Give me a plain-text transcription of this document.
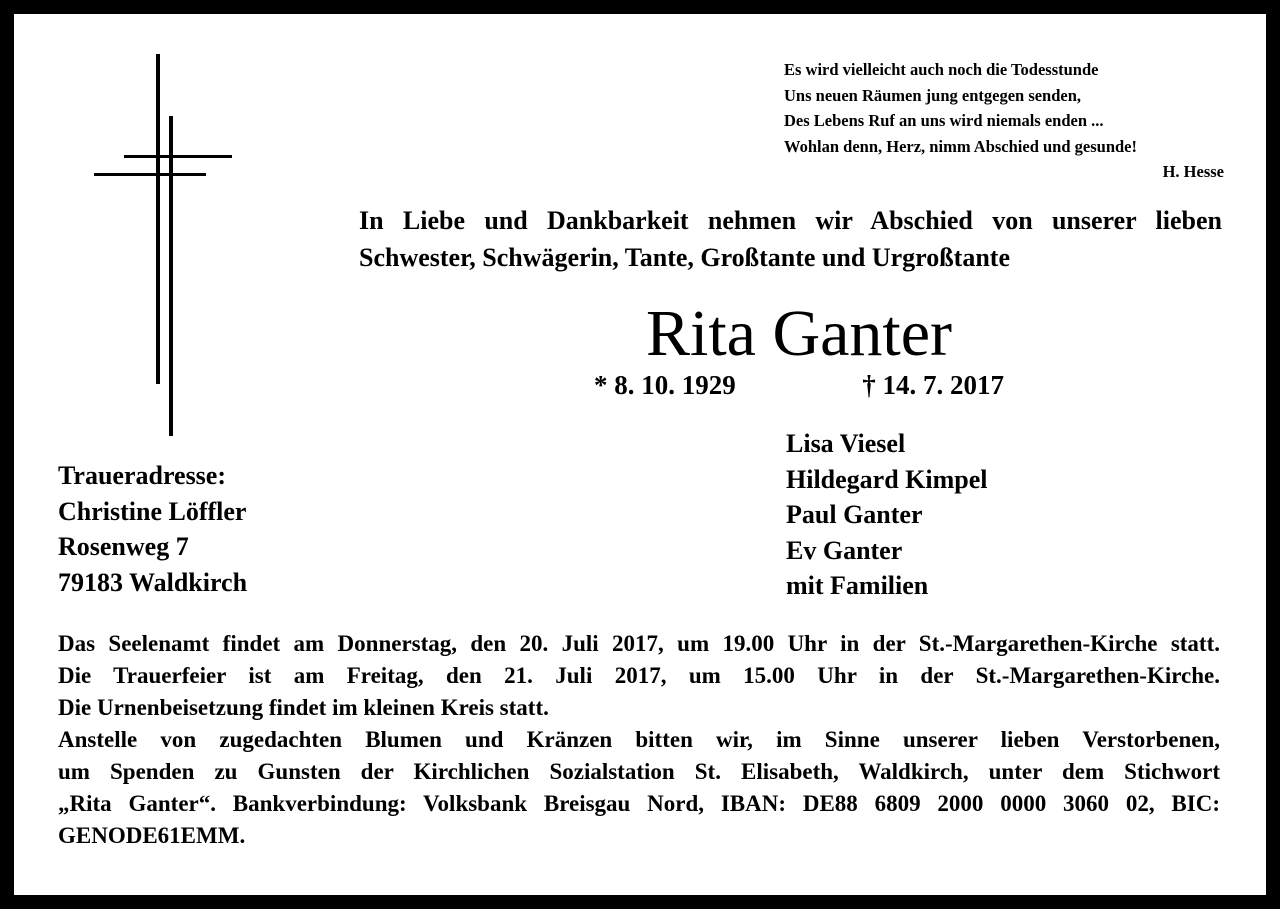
Es wird vielleicht auch noch die Todesstunde
Uns neuen Räumen jung entgegen senden,
Des Lebens Ruf an uns wird niemals enden ...
Wohlan denn, Herz, nimm Abschied und gesunde!
H. Hesse
In Liebe und Dankbarkeit nehmen wir Abschied von unserer lieben
Schwester, Schwägerin, Tante, Großtante und Urgroßtante
Rita Ganter
* 8. 10. 1929	† 14. 7. 2017
Traueradresse:
Christine Löffler
Rosenweg 7
79183 Waldkirch
Lisa Viesel
Hildegard Kimpel
Paul Ganter
Ev Ganter
mit Familien
Das Seelenamt findet am Donnerstag, den 20. Juli 2017, um 19.00 Uhr in der St.-Margarethen-Kirche statt.
Die Trauerfeier ist am Freitag, den 21. Juli 2017, um 15.00 Uhr in der St.-Margarethen-Kirche.
Die Urnenbeisetzung findet im kleinen Kreis statt.
Anstelle von zugedachten Blumen und Kränzen bitten wir, im Sinne unserer lieben Verstorbenen,
um Spenden zu Gunsten der Kirchlichen Sozialstation St. Elisabeth, Waldkirch, unter dem Stichwort
„Rita Ganter“. Bankverbindung: Volksbank Breisgau Nord, IBAN: DE88 6809 2000 0000 3060 02, BIC:
GENODE61EMM.
